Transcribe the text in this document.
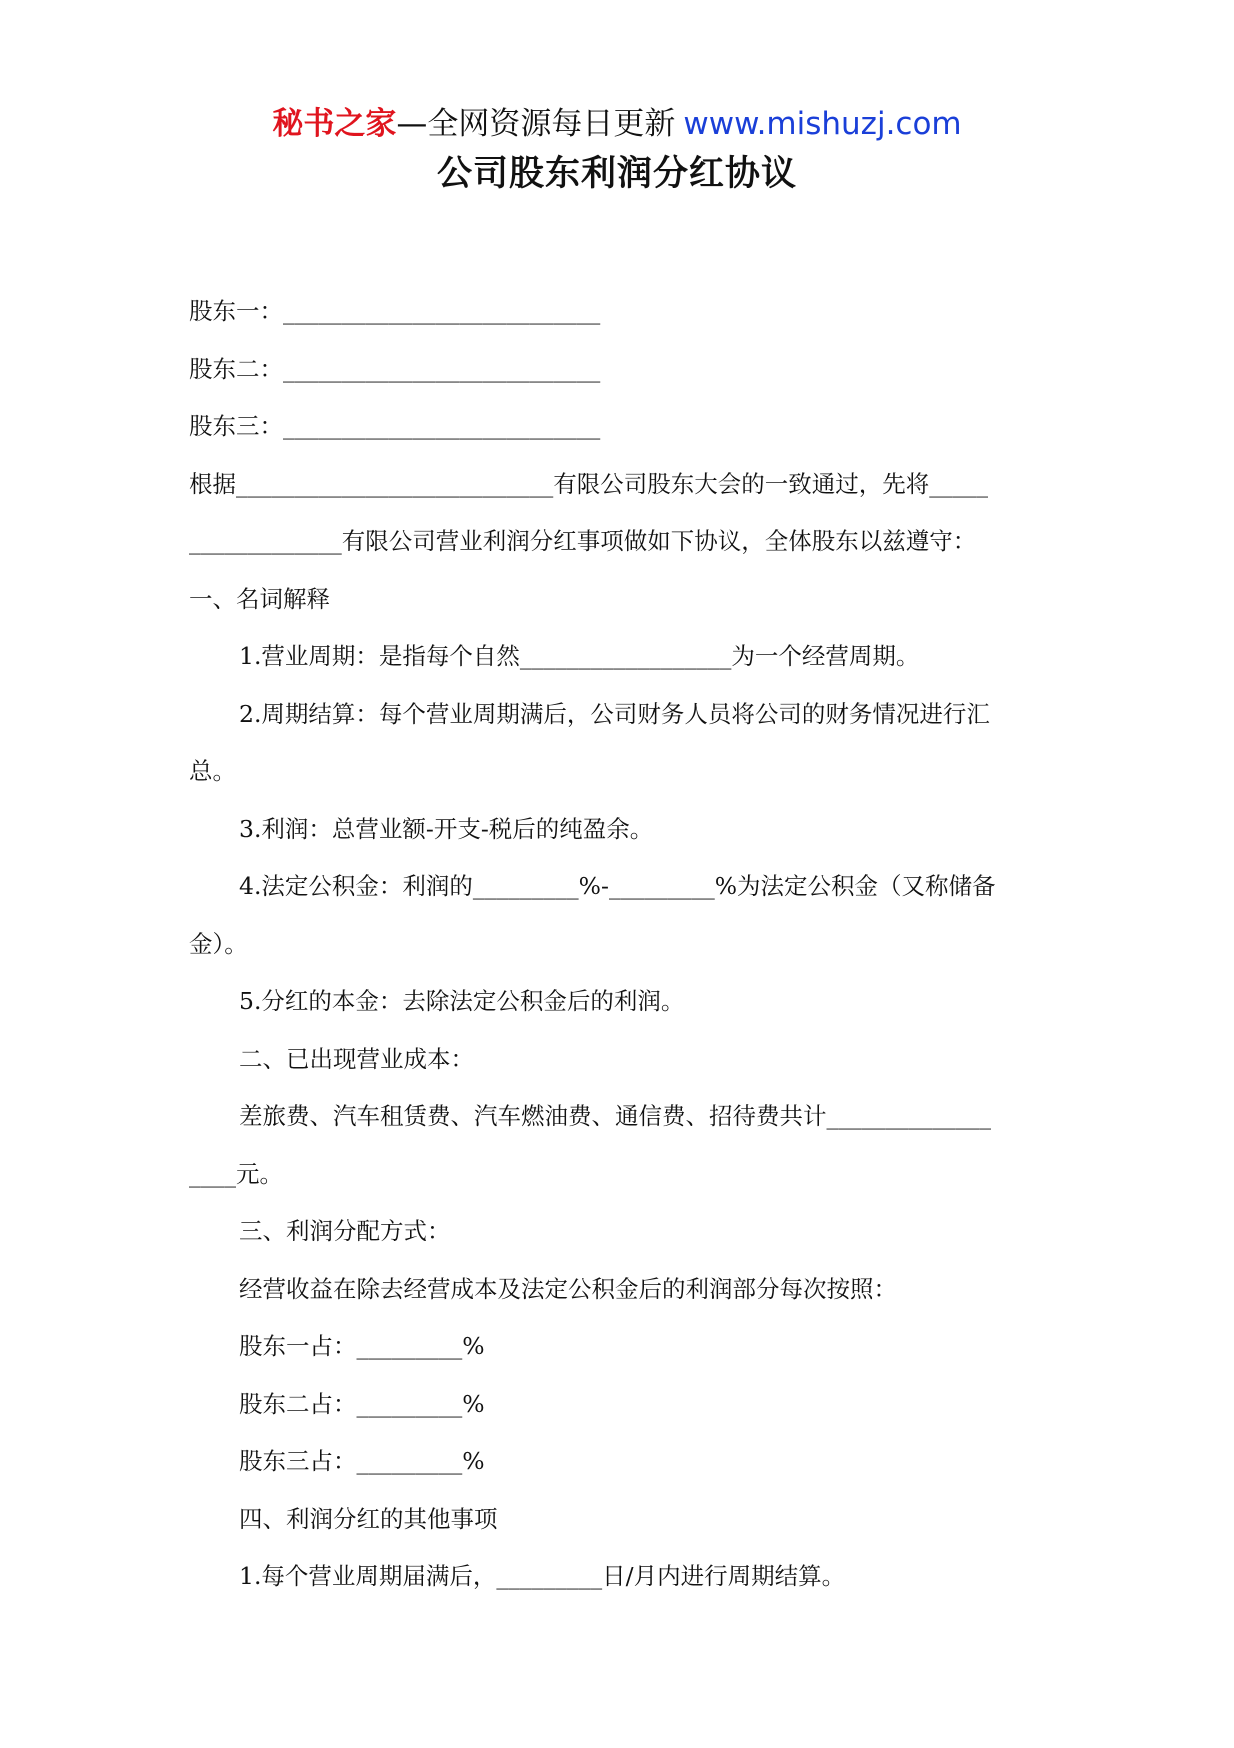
秘书之家—全网资源每日更新 www.mishuzj.com
公司股东利润分红协议
股东一：___________________________
股东二：___________________________
股东三：___________________________
根据___________________________有限公司股东大会的一致通过，先将_____
_____________有限公司营业利润分红事项做如下协议，全体股东以兹遵守：
一、名词解释
1.营业周期：是指每个自然__________________为一个经营周期。
2.周期结算：每个营业周期满后，公司财务人员将公司的财务情况进行汇
总。
3.利润：总营业额-开支-税后的纯盈余。
4.法定公积金：利润的_________%-_________%为法定公积金（又称储备
金）。
5.分红的本金：去除法定公积金后的利润。
二、已出现营业成本：
差旅费、汽车租赁费、汽车燃油费、通信费、招待费共计______________
____元。
三、利润分配方式：
经营收益在除去经营成本及法定公积金后的利润部分每次按照：
股东一占：_________%
股东二占：_________%
股东三占：_________%
四、利润分红的其他事项
1.每个营业周期届满后，_________日/月内进行周期结算。
